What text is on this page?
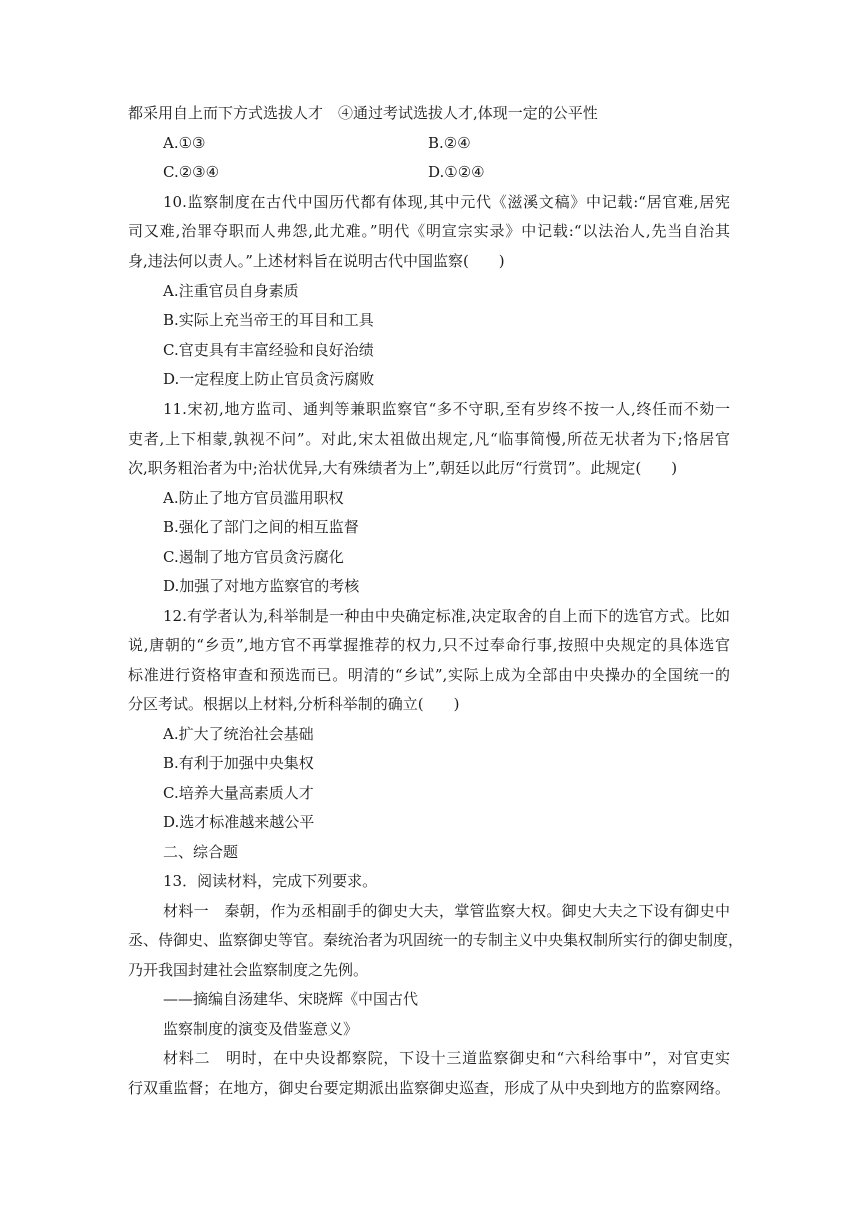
都采用自上而下方式选拔人才　④通过考试选拔人才,体现一定的公平性
A.①③	B.②④
C.②③④	D.①②④
10.监察制度在古代中国历代都有体现,其中元代《滋溪文稿》中记载:“居官难,居宪
司又难,治罪夺职而人弗怨,此尤难。”明代《明宣宗实录》中记载:“以法治人,先当自治其
身,违法何以责人。”上述材料旨在说明古代中国监察(　　)
A.注重官员自身素质
B.实际上充当帝王的耳目和工具
C.官吏具有丰富经验和良好治绩
D.一定程度上防止官员贪污腐败
11.宋初,地方监司、通判等兼职监察官“多不守职,至有岁终不按一人,终任而不劾一
吏者,上下相蒙,孰视不问”。对此,宋太祖做出规定,凡“临事简慢,所莅无状者为下;恪居官
次,职务粗治者为中;治状优异,大有殊绩者为上”,朝廷以此厉“行赏罚”。此规定(　　)
A.防止了地方官员滥用职权
B.强化了部门之间的相互监督
C.遏制了地方官员贪污腐化
D.加强了对地方监察官的考核
12.有学者认为,科举制是一种由中央确定标准,决定取舍的自上而下的选官方式。比如
说,唐朝的“乡贡”,地方官不再掌握推荐的权力,只不过奉命行事,按照中央规定的具体选官
标准进行资格审查和预选而已。明清的“乡试”,实际上成为全部由中央操办的全国统一的
分区考试。根据以上材料,分析科举制的确立(　　)
A.扩大了统治社会基础
B.有利于加强中央集权
C.培养大量高素质人才
D.选才标准越来越公平
二、综合题
13．阅读材料，完成下列要求。
材料一　秦朝，作为丞相副手的御史大夫，掌管监察大权。御史大夫之下设有御史中
丞、侍御史、监察御史等官。秦统治者为巩固统一的专制主义中央集权制所实行的御史制度，
乃开我国封建社会监察制度之先例。
——摘编自汤建华、宋晓辉《中国古代
监察制度的演变及借鉴意义》
材料二　明时，在中央设都察院，下设十三道监察御史和“六科给事中”，对官吏实
行双重监督；在地方，御史台要定期派出监察御史巡查，形成了从中央到地方的监察网络。
